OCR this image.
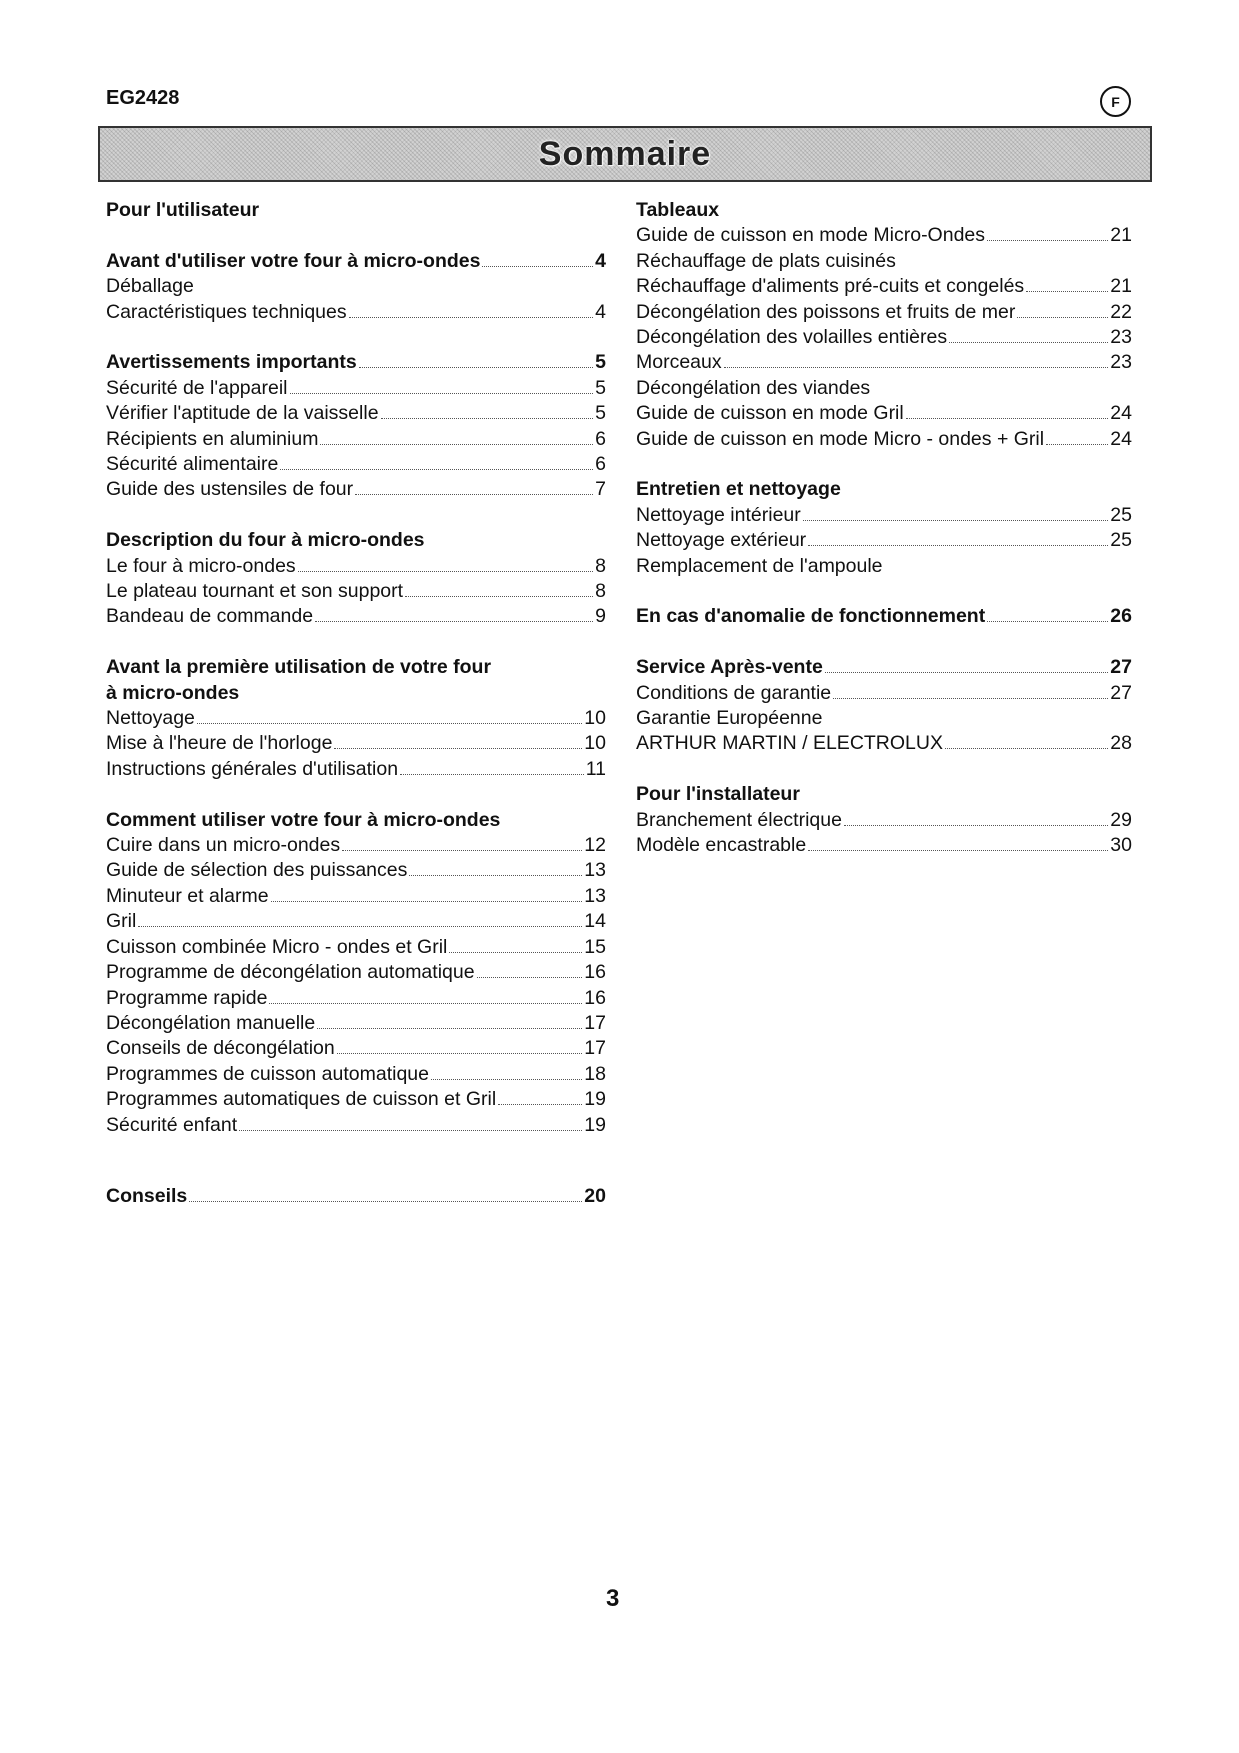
EG2428	F
Sommaire
Pour l'utilisateur
Avant d'utiliser votre four à micro-ondes	4
Déballage
Caractéristiques techniques	4
Avertissements importants	5
Sécurité de l'appareil	5
Vérifier l'aptitude de la vaisselle	5
Récipients en aluminium	6
Sécurité alimentaire	6
Guide des ustensiles de four	7
Description du four à micro-ondes
Le four à micro-ondes	8
Le plateau tournant et son support	8
Bandeau de commande	9
Avant la première utilisation de votre four
à micro-ondes
Nettoyage	10
Mise à l'heure de l'horloge	10
Instructions générales d'utilisation	11
Comment utiliser votre four à micro-ondes
Cuire dans un micro-ondes	12
Guide de sélection des puissances	13
Minuteur et alarme	13
Gril	14
Cuisson combinée Micro - ondes et Gril	15
Programme de décongélation automatique	16
Programme rapide	16
Décongélation manuelle	17
Conseils de décongélation	17
Programmes de cuisson automatique	18
Programmes automatiques de cuisson et Gril	19
Sécurité enfant	19
Tableaux
Guide de cuisson en mode Micro-Ondes	21
Réchauffage de plats cuisinés
Réchauffage d'aliments pré-cuits et congelés	21
Décongélation des poissons et fruits de mer	22
Décongélation des volailles entières	23
Morceaux	23
Décongélation des viandes
Guide de cuisson en mode Gril	24
Guide de cuisson en mode Micro - ondes + Gril	24
Entretien et nettoyage
Nettoyage intérieur	25
Nettoyage extérieur	25
Remplacement de l'ampoule
En cas d'anomalie de fonctionnement	26
Service Après-vente	27
Conditions de garantie	27
Garantie Européenne
ARTHUR MARTIN / ELECTROLUX	28
Pour l'installateur
Branchement électrique	29
Modèle encastrable	30
Conseils	20
3
